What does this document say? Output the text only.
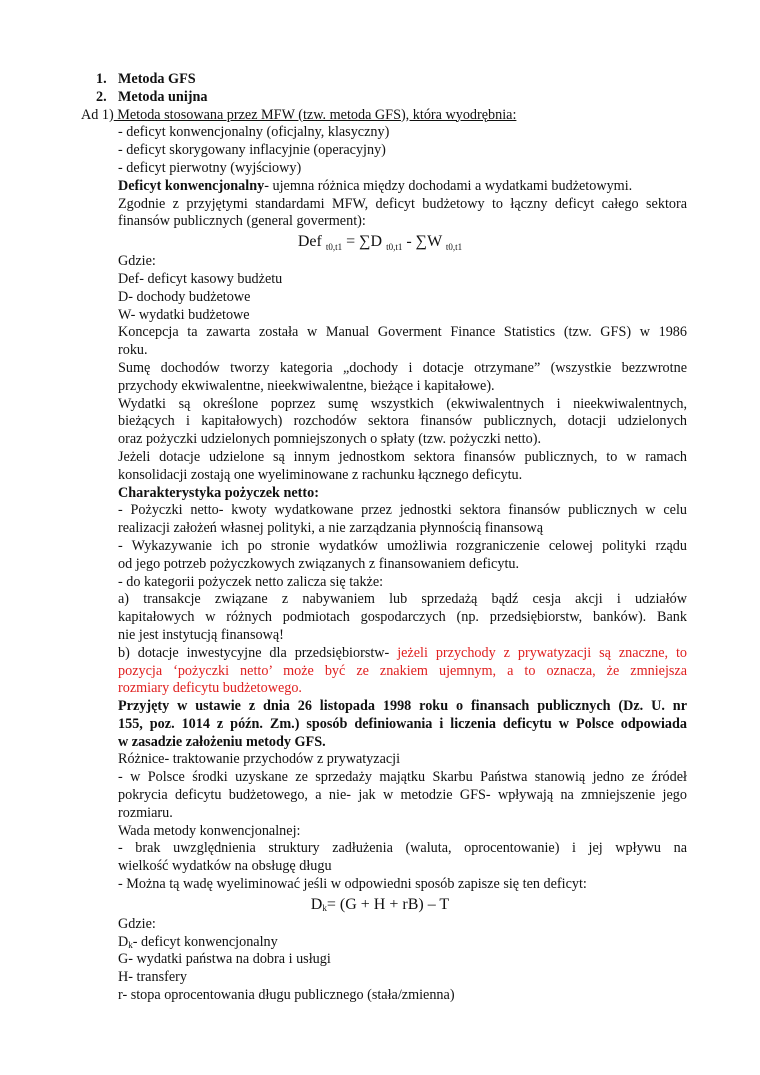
1. Metoda GFS
2. Metoda unijna
Ad 1) Metoda stosowana przez MFW (tzw. metoda GFS), która wyodrębnia:
- deficyt konwencjonalny (oficjalny, klasyczny)
- deficyt skorygowany inflacyjnie (operacyjny)
- deficyt pierwotny (wyjściowy)
Deficyt konwencjonalny- ujemna różnica między dochodami a wydatkami budżetowymi.
Zgodnie z przyjętymi standardami MFW, deficyt budżetowy to łączny deficyt całego sektora
finansów publicznych (general goverment):
Def $_{t0,t1}$ = ∑D $_{t0,t1}$ - ∑W $_{t0,t1}$
Gdzie:
Def- deficyt kasowy budżetu
D- dochody budżetowe
W- wydatki budżetowe
Koncepcja ta zawarta została w Manual Goverment Finance Statistics (tzw. GFS) w 1986
roku.
Sumę dochodów tworzy kategoria „dochody i dotacje otrzymane” (wszystkie bezzwrotne
przychody ekwiwalentne, nieekwiwalentne, bieżące i kapitałowe).
Wydatki są określone poprzez sumę wszystkich (ekwiwalentnych i nieekwiwalentnych,
bieżących i kapitałowych) rozchodów sektora finansów publicznych, dotacji udzielonych
oraz pożyczki udzielonych pomniejszonych o spłaty (tzw. pożyczki netto).
Jeżeli dotacje udzielone są innym jednostkom sektora finansów publicznych, to w ramach
konsolidacji zostają one wyeliminowane z rachunku łącznego deficytu.
Charakterystyka pożyczek netto:
- Pożyczki netto- kwoty wydatkowane przez jednostki sektora finansów publicznych w celu
realizacji założeń własnej polityki, a nie zarządzania płynnością finansową
- Wykazywanie ich po stronie wydatków umożliwia rozgraniczenie celowej polityki rządu
od jego potrzeb pożyczkowych związanych z finansowaniem deficytu.
- do kategorii pożyczek netto zalicza się także:
a) transakcje związane z nabywaniem lub sprzedażą bądź cesja akcji i udziałów
kapitałowych w różnych podmiotach gospodarczych (np. przedsiębiorstw, banków). Bank
nie jest instytucją finansową!
b) dotacje inwestycyjne dla przedsiębiorstw- jeżeli przychody z prywatyzacji są znaczne, to
pozycja ‘pożyczki netto’ może być ze znakiem ujemnym, a to oznacza, że zmniejsza
rozmiary deficytu budżetowego.
Przyjęty w ustawie z dnia 26 listopada 1998 roku o finansach publicznych (Dz. U. nr
155, poz. 1014 z późn. Zm.) sposób definiowania i liczenia deficytu w Polsce odpowiada
w zasadzie założeniu metody GFS.
Różnice- traktowanie przychodów z prywatyzacji
- w Polsce środki uzyskane ze sprzedaży majątku Skarbu Państwa stanowią jedno ze źródeł
pokrycia deficytu budżetowego, a nie- jak w metodzie GFS- wpływają na zmniejszenie jego
rozmiaru.
Wada metody konwencjonalnej:
- brak uwzględnienia struktury zadłużenia (waluta, oprocentowanie) i jej wpływu na
wielkość wydatków na obsługę długu
- Można tą wadę wyeliminować jeśli w odpowiedni sposób zapisze się ten deficyt:
Dk= (G + H + rB) – T
Gdzie:
Dk- deficyt konwencjonalny
G- wydatki państwa na dobra i usługi
H- transfery
r- stopa oprocentowania długu publicznego (stała/zmienna)
